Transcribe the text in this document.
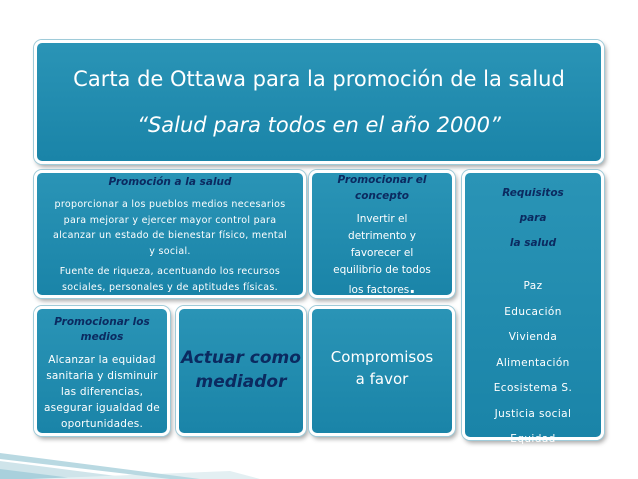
Carta de Ottawa para la promoción de la salud
“Salud para todos en el año 2000”
Promoción a la salud

proporcionar a los pueblos medios necesarios

para mejorar y ejercer mayor control para

alcanzar un estado de bienestar físico, mental

y social.

Fuente de riqueza, acentuando los recursos

sociales, personales y de aptitudes físicas.

Promocionar el
concepto
Invertir el
detrimento y
favorecer el
equilibrio de todos
los factores.
Requisitos
para
la salud
Paz
Educación
Vivienda
Alimentación
Ecosistema S.
Justicia social
Equidad
Promocionar los
medios
Alcanzar la equidad
sanitaria y disminuir
las diferencias,
asegurar igualdad de
oportunidades.
Actuar como
mediador
Compromisos
a favor
